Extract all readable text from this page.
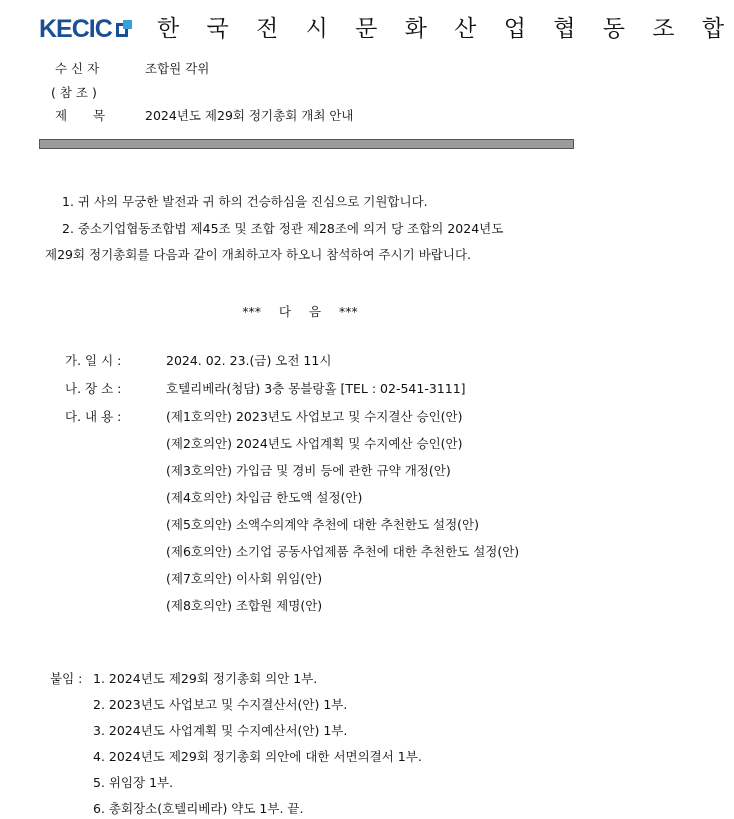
KECIC 한 국 전 시 문 화 산 업 협 동 조 합
수 신 자	조합원 각위
( 참 조 )
제 목	2024년도 제29회 정기총회 개최 안내
1. 귀 사의 무궁한 발전과 귀 하의 건승하심을 진심으로 기원합니다.
2. 중소기업협동조합법 제45조 및 조합 정관 제28조에 의거 당 조합의 2024년도
제29회 정기총회를 다음과 같이 개최하고자 하오니 참석하여 주시기 바랍니다.
*** 다 음 ***
가. 일 시 :	2024. 02. 23.(금) 오전 11시
나. 장 소 :	호텔리베라(청담) 3층 몽블랑홀 [TEL : 02-541-3111]
다. 내 용 :	(제1호의안) 2023년도 사업보고 및 수지결산 승인(안)
(제2호의안) 2024년도 사업계획 및 수지예산 승인(안)
(제3호의안) 가입금 및 경비 등에 관한 규약 개정(안)
(제4호의안) 차입금 한도액 설정(안)
(제5호의안) 소액수의계약 추천에 대한 추천한도 설정(안)
(제6호의안) 소기업 공동사업제품 추천에 대한 추천한도 설정(안)
(제7호의안) 이사회 위임(안)
(제8호의안) 조합원 제명(안)
붙임 : 1. 2024년도 제29회 정기총회 의안 1부.
2. 2023년도 사업보고 및 수지결산서(안) 1부.
3. 2024년도 사업계획 및 수지예산서(안) 1부.
4. 2024년도 제29회 정기총회 의안에 대한 서면의결서 1부.
5. 위임장 1부.
6. 총회장소(호텔리베라) 약도 1부. 끝.
